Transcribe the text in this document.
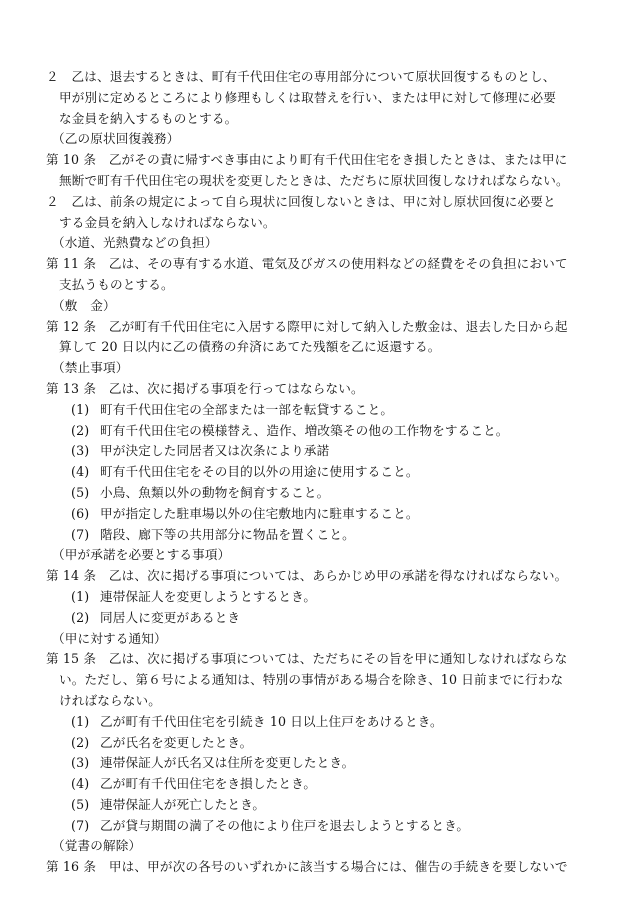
２　乙は、退去するときは、町有千代田住宅の専用部分について原状回復するものとし、
甲が別に定めるところにより修理もしくは取替えを行い、または甲に対して修理に必要
な金員を納入するものとする。
（乙の原状回復義務）
第 10 条　乙がその責に帰すべき事由により町有千代田住宅をき損したときは、または甲に
無断で町有千代田住宅の現状を変更したときは、ただちに原状回復しなければならない。
２　乙は、前条の規定によって自ら現状に回復しないときは、甲に対し原状回復に必要と
する金員を納入しなければならない。
（水道、光熱費などの負担）
第 11 条　乙は、その専有する水道、電気及びガスの使用料などの経費をその負担において
支払うものとする。
（敷　金）
第 12 条　乙が町有千代田住宅に入居する際甲に対して納入した敷金は、退去した日から起
算して 20 日以内に乙の債務の弁済にあてた残額を乙に返還する。
（禁止事項）
第 13 条　乙は、次に掲げる事項を行ってはならない。
(1) 町有千代田住宅の全部または一部を転貸すること。
(2) 町有千代田住宅の模様替え、造作、増改築その他の工作物をすること。
(3) 甲が決定した同居者又は次条により承諾
(4) 町有千代田住宅をその目的以外の用途に使用すること。
(5) 小鳥、魚類以外の動物を飼育すること。
(6) 甲が指定した駐車場以外の住宅敷地内に駐車すること。
(7) 階段、廊下等の共用部分に物品を置くこと。
（甲が承諾を必要とする事項）
第 14 条　乙は、次に掲げる事項については、あらかじめ甲の承諾を得なければならない。
(1) 連帯保証人を変更しようとするとき。
(2) 同居人に変更があるとき
（甲に対する通知）
第 15 条　乙は、次に掲げる事項については、ただちにその旨を甲に通知しなければならな
い。ただし、第６号による通知は、特別の事情がある場合を除き、10 日前までに行わな
ければならない。
(1) 乙が町有千代田住宅を引続き 10 日以上住戸をあけるとき。
(2) 乙が氏名を変更したとき。
(3) 連帯保証人が氏名又は住所を変更したとき。
(4) 乙が町有千代田住宅をき損したとき。
(5) 連帯保証人が死亡したとき。
(7) 乙が貸与期間の満了その他により住戸を退去しようとするとき。
（覚書の解除）
第 16 条　甲は、甲が次の各号のいずれかに該当する場合には、催告の手続きを要しないで
